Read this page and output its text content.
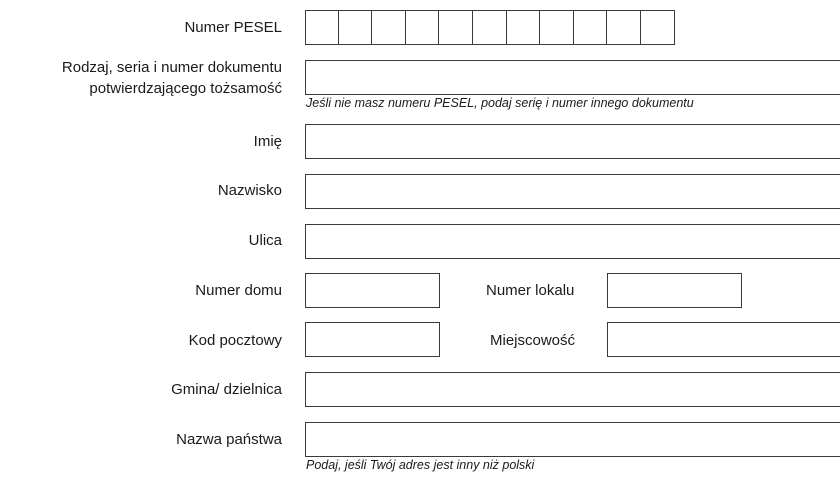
Numer PESEL
Rodzaj, seria i numer dokumentu
potwierdzającego tożsamość
Jeśli nie masz numeru PESEL, podaj serię i numer innego dokumentu
Imię
Nazwisko
Ulica
Numer domu	Numer lokalu
Kod pocztowy	Miejscowość
Gmina/ dzielnica
Nazwa państwa
Podaj, jeśli Twój adres jest inny niż polski
